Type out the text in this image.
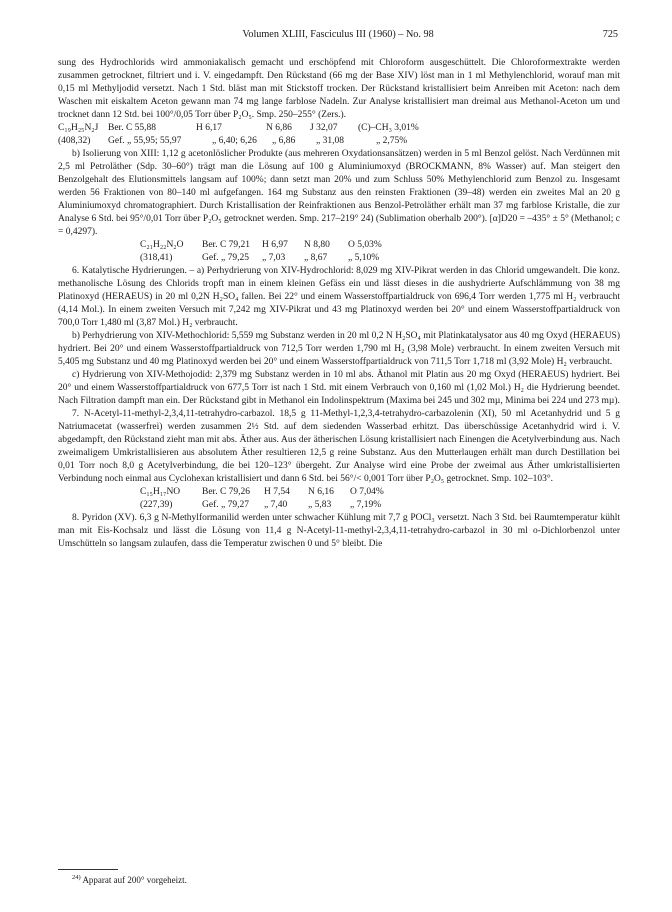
Volumen XLIII, Fasciculus III (1960) – No. 98	725

sung des Hydrochlorids wird ammoniakalisch gemacht und erschöpfend mit Chloroform ausgeschüttelt. Die Chloroformextrakte werden zusammen getrocknet, filtriert und i. V. eingedampft. Den Rückstand (66 mg der Base XIV) löst man in 1 ml Methylenchlorid, worauf man mit 0,15 ml Methyljodid versetzt. Nach 1 Std. bläst man mit Stickstoff trocken. Der Rückstand kristallisiert beim Anreiben mit Aceton: nach dem Waschen mit eiskaltem Aceton gewann man 74 mg lange farblose Nadeln. Zur Analyse kristallisiert man dreimal aus Methanol-Aceton um und trocknet dann 12 Std. bei 100°/0,05 Torr über P₂O₅. Smp. 250–255° (Zers.).

C₁₉H₂₅N₂J	Ber. C 55,88	H 6,17	N 6,86	J 32,07	(C)–CH₃ 3,01%
(408,32)	Gef. „ 55,95; 55,97	„ 6,40; 6,26	„ 6,86	„ 31,08	„ 2,75%

b) Isolierung von XIII: 1,12 g acetonlöslicher Produkte (aus mehreren Oxydationsansätzen) werden in 5 ml Benzol gelöst. Nach Verdünnen mit 2,5 ml Petroläther (Sdp. 30–60°) trägt man die Lösung auf 100 g Aluminiumoxyd (BROCKMANN, 8% Wasser) auf. Man steigert den Benzolgehalt des Elutionsmittels langsam auf 100%; dann setzt man 20% und zum Schluss 50% Methylenchlorid zum Benzol zu. Insgesamt werden 56 Fraktionen von 80–140 ml aufgefangen. 164 mg Substanz aus den reinsten Fraktionen (39–48) werden ein zweites Mal an 20 g Aluminiumoxyd chromatographiert. Durch Kristallisation der Reinfraktionen aus Benzol-Petroläther erhält man 37 mg farblose Kristalle, die zur Analyse 6 Std. bei 95°/0,01 Torr über P₂O₅ getrocknet werden. Smp. 217–219° 24) (Sublimation oberhalb 200°). [α]D20 = –435° ± 5° (Methanol; c = 0,4297).

C₂₁H₂₂N₂O	Ber. C 79,21	H 6,97	N 8,80	O 5,03%
(318,41)	Gef. „ 79,25	„ 7,03	„ 8,67	„ 5,10%

6. Katalytische Hydrierungen. – a) Perhydrierung von XIV-Hydrochlorid: 8,029 mg XIV-Pikrat werden in das Chlorid umgewandelt. Die konz. methanolische Lösung des Chlorids tropft man in einem kleinen Gefäss ein und lässt dieses in die aushydrierte Aufschlämmung von 38 mg Platinoxyd (HERAEUS) in 20 ml 0,2N H₂SO₄ fallen. Bei 22° und einem Wasserstoffpartialdruck von 696,4 Torr werden 1,775 ml H₂ verbraucht (4,14 Mol.). In einem zweiten Versuch mit 7,242 mg XIV-Pikrat und 43 mg Platinoxyd werden bei 20° und einem Wasserstoffpartialdruck von 700,0 Torr 1,480 ml (3,87 Mol.) H₂ verbraucht.

b) Perhydrierung von XIV-Methochlorid: 5,559 mg Substanz werden in 20 ml 0,2 N H₂SO₄ mit Platinkatalysator aus 40 mg Oxyd (HERAEUS) hydriert. Bei 20° und einem Wasserstoffpartialdruck von 712,5 Torr werden 1,790 ml H₂ (3,98 Mole) verbraucht. In einem zweiten Versuch mit 5,405 mg Substanz und 40 mg Platinoxyd werden bei 20° und einem Wasserstoffpartialdruck von 711,5 Torr 1,718 ml (3,92 Mole) H₂ verbraucht.

c) Hydrierung von XIV-Methojodid: 2,379 mg Substanz werden in 10 ml abs. Äthanol mit Platin aus 20 mg Oxyd (HERAEUS) hydriert. Bei 20° und einem Wasserstoffpartialdruck von 677,5 Torr ist nach 1 Std. mit einem Verbrauch von 0,160 ml (1,02 Mol.) H₂ die Hydrierung beendet. Nach Filtration dampft man ein. Der Rückstand gibt in Methanol ein Indolinspektrum (Maxima bei 245 und 302 mµ, Minima bei 224 und 273 mµ).

7. N-Acetyl-11-methyl-2,3,4,11-tetrahydro-carbazol. 18,5 g 11-Methyl-1,2,3,4-tetrahydro-carbazolenin (XI), 50 ml Acetanhydrid und 5 g Natriumacetat (wasserfrei) werden zusammen 2½ Std. auf dem siedenden Wasserbad erhitzt. Das überschüssige Acetanhydrid wird i. V. abgedampft, den Rückstand zieht man mit abs. Äther aus. Aus der ätherischen Lösung kristallisiert nach Einengen die Acetylverbindung aus. Nach zweimaligem Umkristallisieren aus absolutem Äther resultieren 12,5 g reine Substanz. Aus den Mutterlaugen erhält man durch Destillation bei 0,01 Torr noch 8,0 g Acetylverbindung, die bei 120–123° übergeht. Zur Analyse wird eine Probe der zweimal aus Äther umkristallisierten Verbindung noch einmal aus Cyclohexan kristallisiert und dann 6 Std. bei 56°/< 0,001 Torr über P₂O₅ getrocknet. Smp. 102–103°.

C₁₅H₁₇NO	Ber. C 79,26	H 7,54	N 6,16	O 7,04%
(227,39)	Gef. „ 79,27	„ 7,40	„ 5,83	„ 7,19%

8. Pyridon (XV). 6,3 g N-Methylformanilid werden unter schwacher Kühlung mit 7,7 g POCl₃ versetzt. Nach 3 Std. bei Raumtemperatur kühlt man mit Eis-Kochsalz und lässt die Lösung von 11,4 g N-Acetyl-11-methyl-2,3,4,11-tetrahydro-carbazol in 30 ml o-Dichlorbenzol unter Umschütteln so langsam zulaufen, dass die Temperatur zwischen 0 und 5° bleibt. Die

$^{24)}$ Apparat auf 200° vorgeheizt.
